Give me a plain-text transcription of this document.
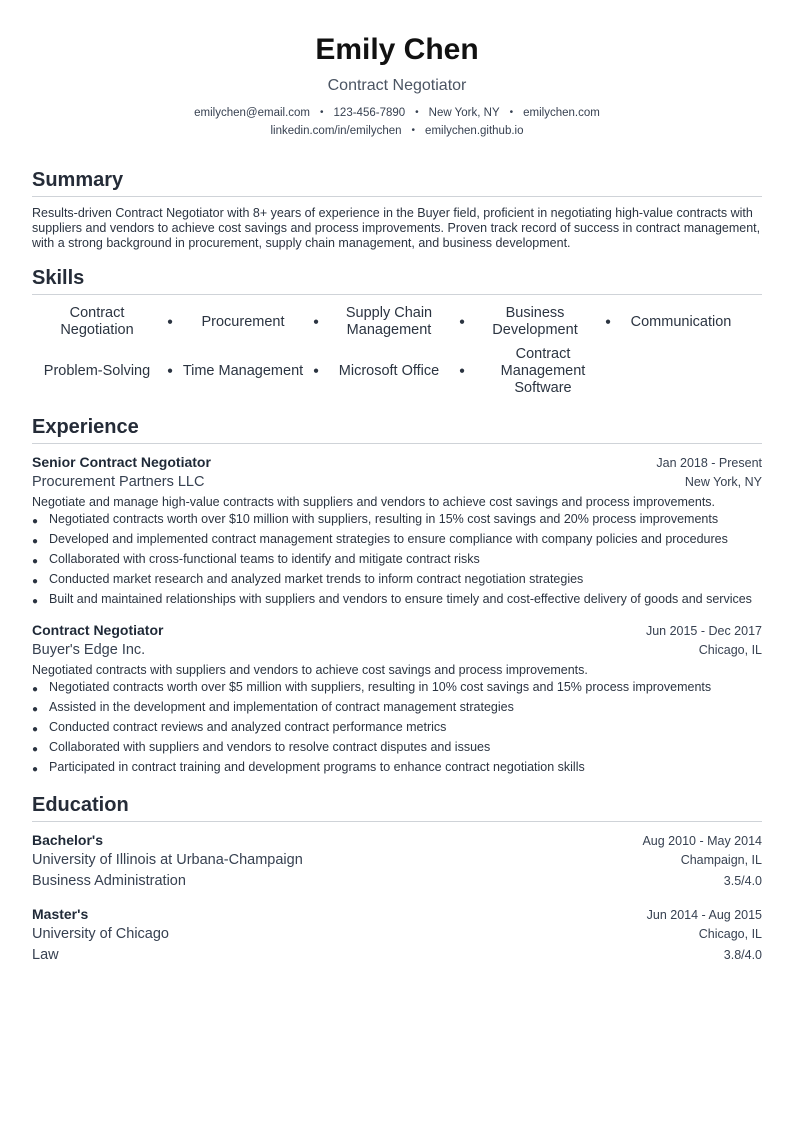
Emily Chen
Contract Negotiator
emilychen@email.com • 123-456-7890 • New York, NY • emilychen.com
linkedin.com/in/emilychen • emilychen.github.io
Summary
Results-driven Contract Negotiator with 8+ years of experience in the Buyer field, proficient in negotiating high-value contracts with suppliers and vendors to achieve cost savings and process improvements. Proven track record of success in contract management, with a strong background in procurement, supply chain management, and business development.
Skills
Contract Negotiation	● Procurement	●
Supply Chain Management	●
Business Development	● Communication
Problem-Solving ● Time Management ● Microsoft Office ●
Contract Management Software
Experience
Senior Contract Negotiator	Jan 2018 - Present
Procurement Partners LLC	New York, NY
Negotiate and manage high-value contracts with suppliers and vendors to achieve cost savings and process improvements.
● Negotiated contracts worth over $10 million with suppliers, resulting in 15% cost savings and 20% process improvements
● Developed and implemented contract management strategies to ensure compliance with company policies and procedures
● Collaborated with cross-functional teams to identify and mitigate contract risks
● Conducted market research and analyzed market trends to inform contract negotiation strategies
● Built and maintained relationships with suppliers and vendors to ensure timely and cost-effective delivery of goods and services
Contract Negotiator	Jun 2015 - Dec 2017
Buyer's Edge Inc.	Chicago, IL
Negotiated contracts with suppliers and vendors to achieve cost savings and process improvements.
● Negotiated contracts worth over $5 million with suppliers, resulting in 10% cost savings and 15% process improvements
● Assisted in the development and implementation of contract management strategies
● Conducted contract reviews and analyzed contract performance metrics
● Collaborated with suppliers and vendors to resolve contract disputes and issues
● Participated in contract training and development programs to enhance contract negotiation skills
Education
Bachelor's	Aug 2010 - May 2014
University of Illinois at Urbana-Champaign	Champaign, IL
Business Administration	3.5/4.0
Master's	Jun 2014 - Aug 2015
University of Chicago	Chicago, IL
Law	3.8/4.0
